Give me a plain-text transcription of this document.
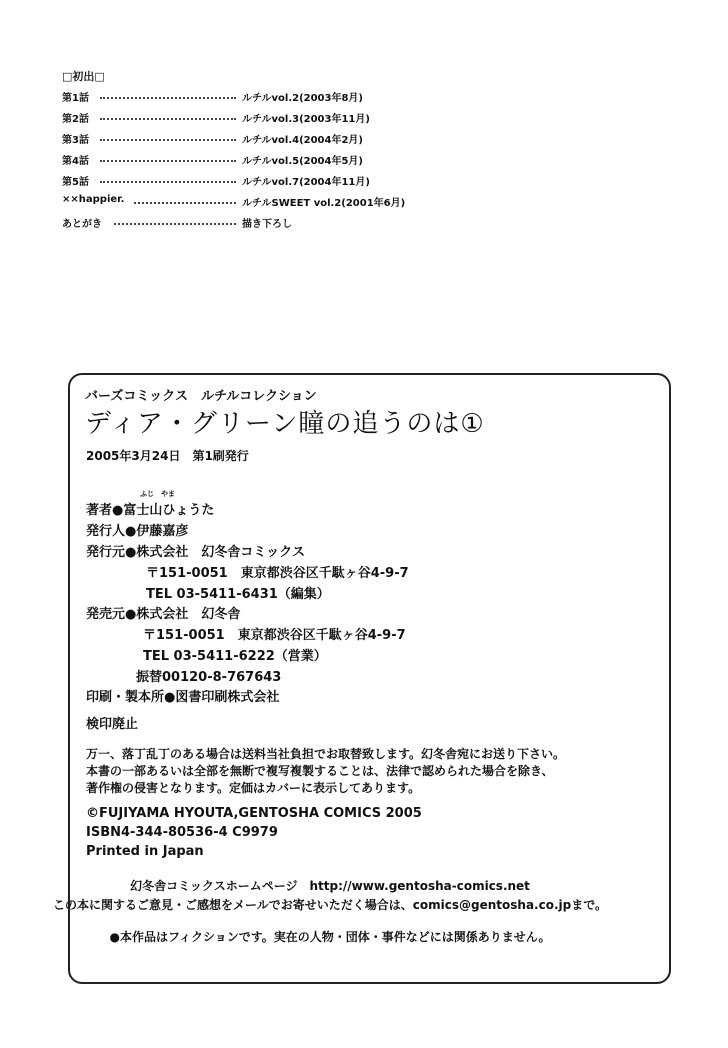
□初出□
第1話	ルチルvol.2(2003年8月)
第2話	ルチルvol.3(2003年11月)
第3話	ルチルvol.4(2004年2月)
第4話	ルチルvol.5(2004年5月)
第5話	ルチルvol.7(2004年11月)
××happier.	ルチルSWEET vol.2(2001年6月)
あとがき	描き下ろし
バーズコミックス　ルチルコレクション
ディア・グリーン瞳の追うのは①
2005年3月24日　第1刷発行
ふじ　やま
著者●富士山ひょうた
発行人●伊藤嘉彦
発行元●株式会社　幻冬舎コミックス
〒151-0051　東京都渋谷区千駄ヶ谷4-9-7
TEL 03-5411-6431（編集）
発売元●株式会社　幻冬舎
〒151-0051　東京都渋谷区千駄ヶ谷4-9-7
TEL 03-5411-6222（営業）
振替00120-8-767643
印刷・製本所●図書印刷株式会社
検印廃止
万一、落丁乱丁のある場合は送料当社負担でお取替致します。幻冬舎宛にお送り下さい。
本書の一部あるいは全部を無断で複写複製することは、法律で認められた場合を除き、
著作権の侵害となります。定価はカバーに表示してあります。
©FUJIYAMA HYOUTA,GENTOSHA COMICS 2005
ISBN4-344-80536-4 C9979
Printed in Japan
幻冬舎コミックスホームページ　http://www.gentosha-comics.net
この本に関するご意見・ご感想をメールでお寄せいただく場合は、comics@gentosha.co.jpまで。
●本作品はフィクションです。実在の人物・団体・事件などには関係ありません。
